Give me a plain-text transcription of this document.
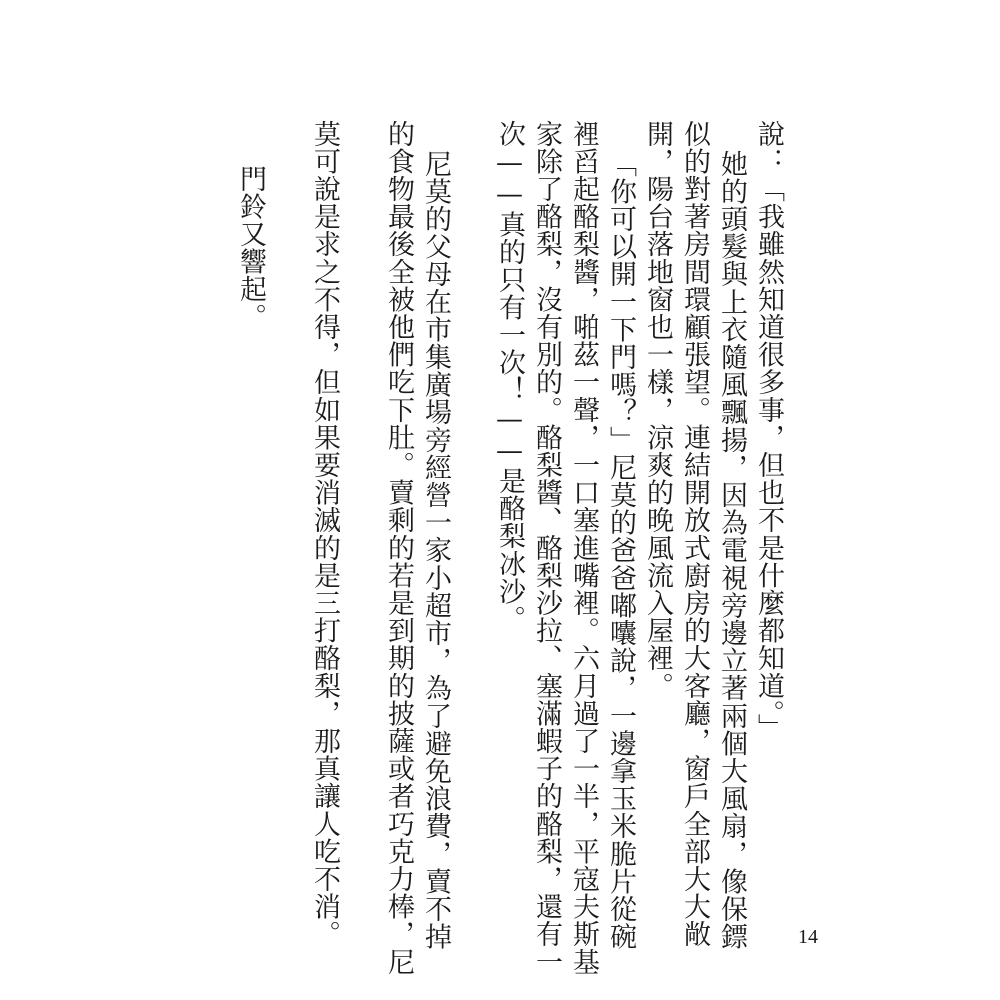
說：「我雖然知道很多事，但也不是什麼都知道。」
她的頭髮與上衣隨風飄揚，因為電視旁邊立著兩個大風扇，像保鏢
似的對著房間環顧張望。連結開放式廚房的大客廳，窗戶全部大大敞
開，陽台落地窗也一樣，涼爽的晚風流入屋裡。
「你可以開一下門嗎？」尼莫的爸爸嘟囔說，一邊拿玉米脆片從碗
裡舀起酪梨醬，啪茲一聲，一口塞進嘴裡。六月過了一半，平寇夫斯基
家除了酪梨，沒有別的。酪梨醬、酪梨沙拉、塞滿蝦子的酪梨，還有一
次——真的只有一次！——是酪梨冰沙。
尼莫的父母在市集廣場旁經營一家小超市，為了避免浪費，賣不掉
的食物最後全被他們吃下肚。賣剩的若是到期的披薩或者巧克力棒，尼
莫可說是求之不得，但如果要消滅的是三打酪梨，那真讓人吃不消。
門鈴又響起。
14
